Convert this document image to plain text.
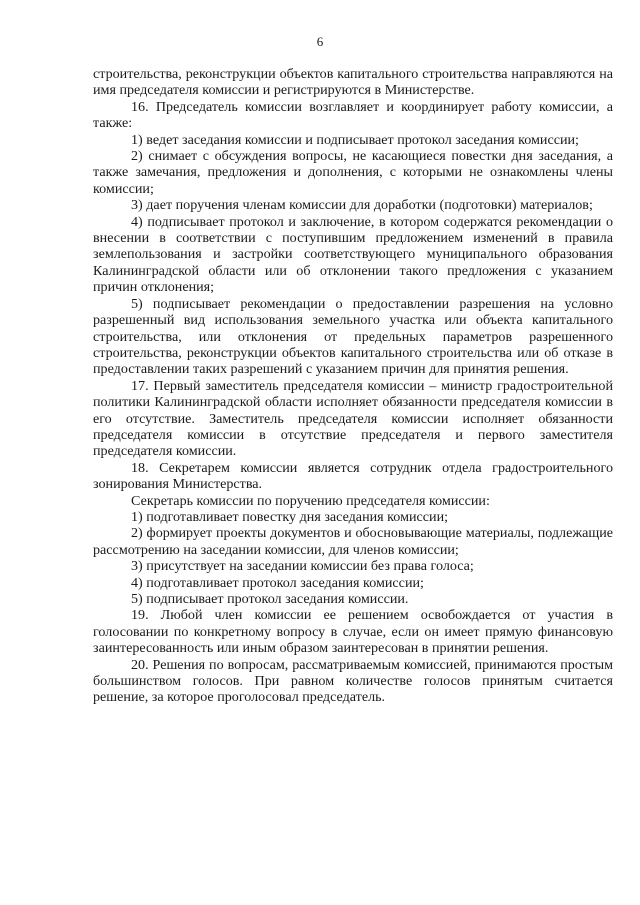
6

строительства, реконструкции объектов капитального строительства направляются на имя председателя комиссии и регистрируются в Министерстве.

16. Председатель комиссии возглавляет и координирует работу комиссии, а также:

1) ведет заседания комиссии и подписывает протокол заседания комиссии;

2) снимает с обсуждения вопросы, не касающиеся повестки дня заседания, а также замечания, предложения и дополнения, с которыми не ознакомлены члены комиссии;

3) дает поручения членам комиссии для доработки (подготовки) материалов;

4) подписывает протокол и заключение, в котором содержатся рекомендации о внесении в соответствии с поступившим предложением изменений в правила землепользования и застройки соответствующего муниципального образования Калининградской области или об отклонении такого предложения с указанием причин отклонения;

5) подписывает рекомендации о предоставлении разрешения на условно разрешенный вид использования земельного участка или объекта капитального строительства, или отклонения от предельных параметров разрешенного строительства, реконструкции объектов капитального строительства или об отказе в предоставлении таких разрешений с указанием причин для принятия решения.

17. Первый заместитель председателя комиссии – министр градостроительной политики Калининградской области исполняет обязанности председателя комиссии в его отсутствие. Заместитель председателя комиссии исполняет обязанности председателя комиссии в отсутствие председателя и первого заместителя председателя комиссии.

18. Секретарем комиссии является сотрудник отдела градостроительного зонирования Министерства.

Секретарь комиссии по поручению председателя комиссии:

1) подготавливает повестку дня заседания комиссии;

2) формирует проекты документов и обосновывающие материалы, подлежащие рассмотрению на заседании комиссии, для членов комиссии;

3) присутствует на заседании комиссии без права голоса;

4) подготавливает протокол заседания комиссии;

5) подписывает протокол заседания комиссии.

19. Любой член комиссии ее решением освобождается от участия в голосовании по конкретному вопросу в случае, если он имеет прямую финансовую заинтересованность или иным образом заинтересован в принятии решения.

20. Решения по вопросам, рассматриваемым комиссией, принимаются простым большинством голосов. При равном количестве голосов принятым считается решение, за которое проголосовал председатель.
